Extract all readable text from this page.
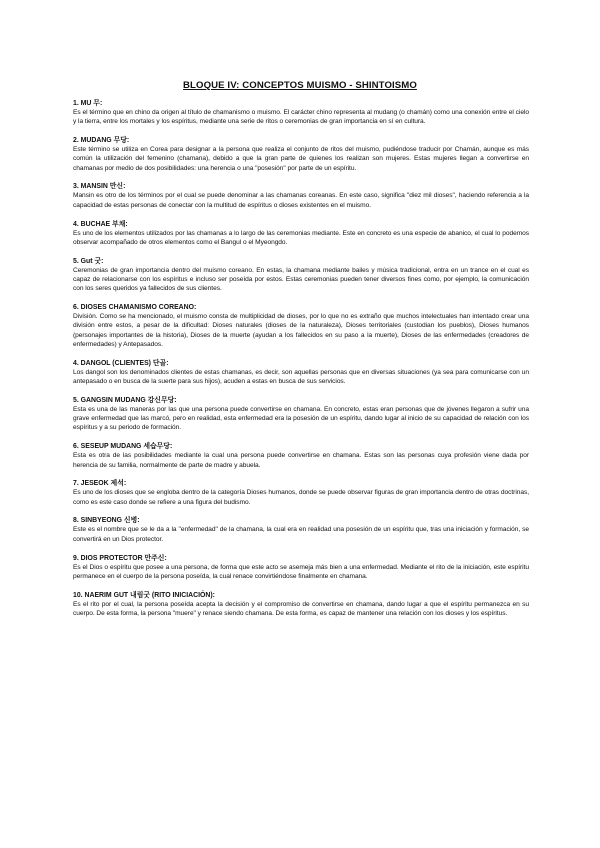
BLOQUE IV: CONCEPTOS MUISMO - SHINTOISMO
1. MU 무:
Es el término que en chino da origen al título de chamanismo o muismo. El carácter chino representa al mudang (o chamán) como una conexión entre el cielo y la tierra, entre los mortales y los espíritus, mediante una serie de ritos o ceremonias de gran importancia en sí en cultura.
2. MUDANG 무당:
Este término se utiliza en Corea para designar a la persona que realiza el conjunto de ritos del muismo, pudiéndose traducir por Chamán, aunque es más común la utilización del femenino (chamana), debido a que la gran parte de quienes los realizan son mujeres. Estas mujeres llegan a convertirse en chamanas por medio de dos posibilidades: una herencia o una "posesión" por parte de un espíritu.
3. MANSIN 만신:
Mansin es otro de los términos por el cual se puede denominar a las chamanas coreanas. En este caso, significa "diez mil dioses", haciendo referencia a la capacidad de estas personas de conectar con la multitud de espíritus o dioses existentes en el muismo.
4. BUCHAE 부채:
Es uno de los elementos utilizados por las chamanas a lo largo de las ceremonias mediante. Este en concreto es una especie de abanico, el cual lo podemos observar acompañado de otros elementos como el Bangul o el Myeongdo.
5. Gut 굿:
Ceremonias de gran importancia dentro del muismo coreano. En estas, la chamana mediante bailes y música tradicional, entra en un trance en el cual es capaz de relacionarse con los espíritus e incluso ser poseída por estos. Estas ceremonias pueden tener diversos fines como, por ejemplo, la comunicación con los seres queridos ya fallecidos de sus clientes.
6. DIOSES CHAMANISMO COREANO:
División. Como se ha mencionado, el muismo consta de multiplicidad de dioses, por lo que no es extraño que muchos intelectuales han intentado crear una división entre estos, a pesar de la dificultad: Dioses naturales (dioses de la naturaleza), Dioses territoriales (custodian los pueblos), Dioses humanos (personajes importantes de la historia), Dioses de la muerte (ayudan a los fallecidos en su paso a la muerte), Dioses de las enfermedades (creadores de enfermedades) y Antepasados.
4. DANGOL (CLIENTES) 단골:
Los dangol son los denominados clientes de estas chamanas, es decir, son aquellas personas que en diversas situaciones (ya sea para comunicarse con un antepasado o en busca de la suerte para sus hijos), acuden a estas en busca de sus servicios.
5. GANGSIN MUDANG 강신무당:
Esta es una de las maneras por las que una persona puede convertirse en chamana. En concreto, estas eran personas que de jóvenes llegaron a sufrir una grave enfermedad que las marcó, pero en realidad, esta enfermedad era la posesión de un espíritu, dando lugar al inicio de su capacidad de relación con los espíritus y a su periodo de formación.
6. SESEUP MUDANG 세습무당:
Esta es otra de las posibilidades mediante la cual una persona puede convertirse en chamana. Estas son las personas cuya profesión viene dada por herencia de su familia, normalmente de parte de madre y abuela.
7. JESEOK 제석:
Es uno de los dioses que se engloba dentro de la categoría Dioses humanos, donde se puede observar figuras de gran importancia dentro de otras doctrinas, como es este caso donde se refiere a una figura del budismo.
8. SINBYEONG 신병:
Este es el nombre que se le da a la "enfermedad" de la chamana, la cual era en realidad una posesión de un espíritu que, tras una iniciación y formación, se convertirá en un Dios protector.
9. DIOS PROTECTOR 만주신:
Es el Dios o espíritu que posee a una persona, de forma que este acto se asemeja más bien a una enfermedad. Mediante el rito de la iniciación, este espíritu permanece en el cuerpo de la persona poseída, la cual renace convirtiéndose finalmente en chamana.
10. NAERIM GUT 내림굿 (RITO INICIACIÓN):
Es el rito por el cual, la persona poseída acepta la decisión y el compromiso de convertirse en chamana, dando lugar a que el espíritu permanezca en su cuerpo. De esta forma, la persona "muere" y renace siendo chamana. De esta forma, es capaz de mantener una relación con los dioses y los espíritus.
